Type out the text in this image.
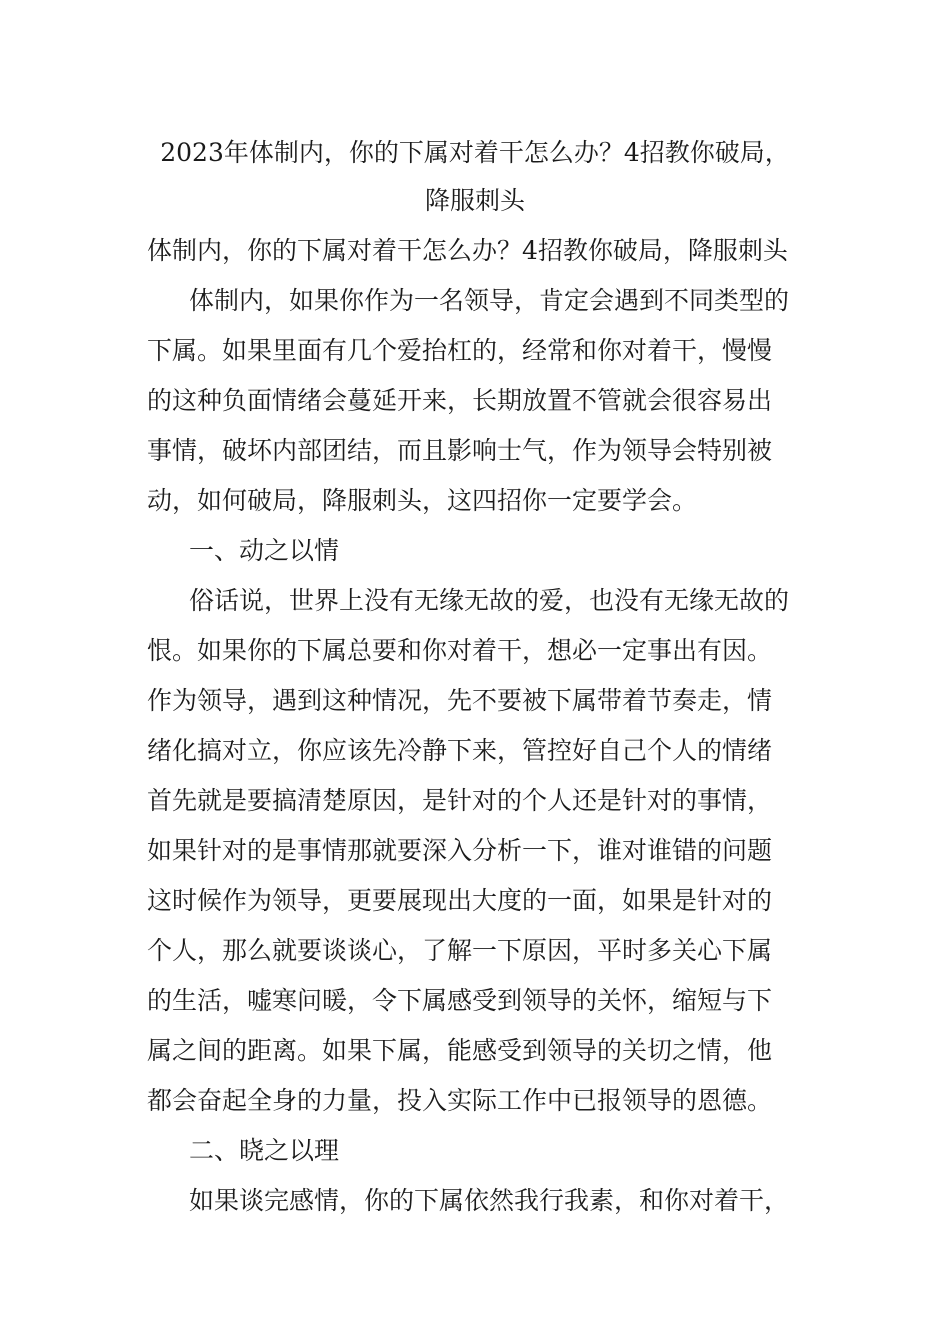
2023年体制内，你的下属对着干怎么办？4招教你破局，
降服刺头

体制内，你的下属对着干怎么办？4招教你破局，降服刺头

体制内，如果你作为一名领导，肯定会遇到不同类型的

下属。如果里面有几个爱抬杠的，经常和你对着干，慢慢

的这种负面情绪会蔓延开来，长期放置不管就会很容易出

事情，破坏内部团结，而且影响士气，作为领导会特别被

动，如何破局，降服刺头，这四招你一定要学会。

一、动之以情

俗话说，世界上没有无缘无故的爱，也没有无缘无故的

恨。如果你的下属总要和你对着干，想必一定事出有因。

作为领导，遇到这种情况，先不要被下属带着节奏走，情

绪化搞对立，你应该先冷静下来，管控好自己个人的情绪

首先就是要搞清楚原因，是针对的个人还是针对的事情，

如果针对的是事情那就要深入分析一下，谁对谁错的问题

这时候作为领导，更要展现出大度的一面，如果是针对的

个人，那么就要谈谈心，了解一下原因，平时多关心下属

的生活，嘘寒问暖，令下属感受到领导的关怀，缩短与下

属之间的距离。如果下属，能感受到领导的关切之情，他

都会奋起全身的力量，投入实际工作中已报领导的恩德。

二、晓之以理

如果谈完感情，你的下属依然我行我素，和你对着干，
